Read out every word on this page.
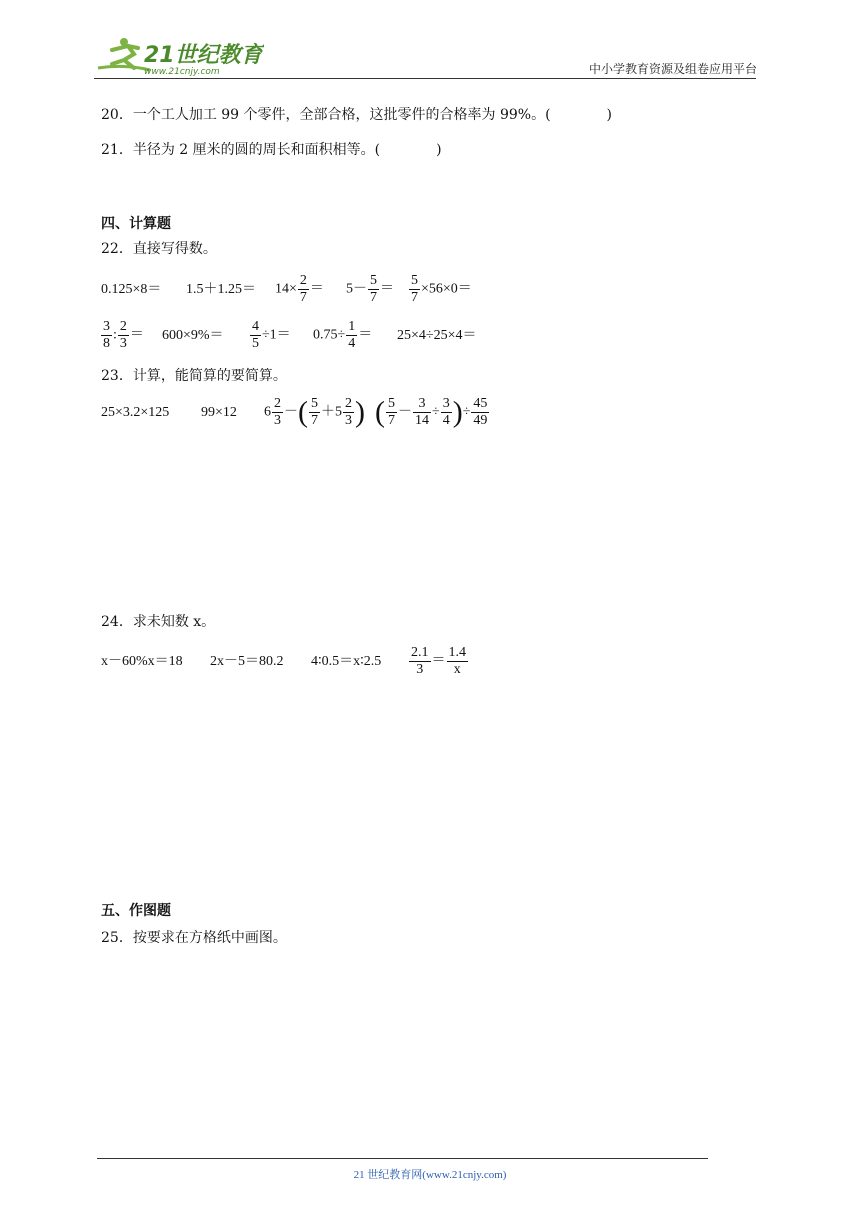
21世纪教育
www.21cnjy.com	中小学教育资源及组卷应用平台
20．一个工人加工 99 个零件，全部合格，这批零件的合格率为 99%。(　　　　)
21．半径为 2 厘米的圆的周长和面积相等。(　　　　)
四、计算题
22．直接写得数。
$0.125\times 8= 1.5+1.25= 14\times \frac{2}{7} = 5- \frac{5}{7} = \frac{5}{7} \times 56\times 0=$
$\frac{3}{8}$ : $\frac{2}{3} = 600\times 9\%= \frac{4}{5} \div 1= 0.75\div \frac{1}{4} = 25\times 4\div 25\times 4=$
23．计算，能简算的要简算。
25×3.2×125 99×12 $6 \frac{2}{3}$ －( $\frac{5}{7} +5 \frac{2}{3}$ ) ( $\frac{5}{7} - \frac{3}{14} \div \frac{3}{4}$ )÷ $\frac{45}{49}$
24．求未知数 x。
x－60%x＝18 2x－5＝80.2 4∶0.5＝x∶2.5 $\frac{2.1}{3} = \frac{1.4}{x}$
五、作图题
25．按要求在方格纸中画图。
21 世纪教育网(www.21cnjy.com)
